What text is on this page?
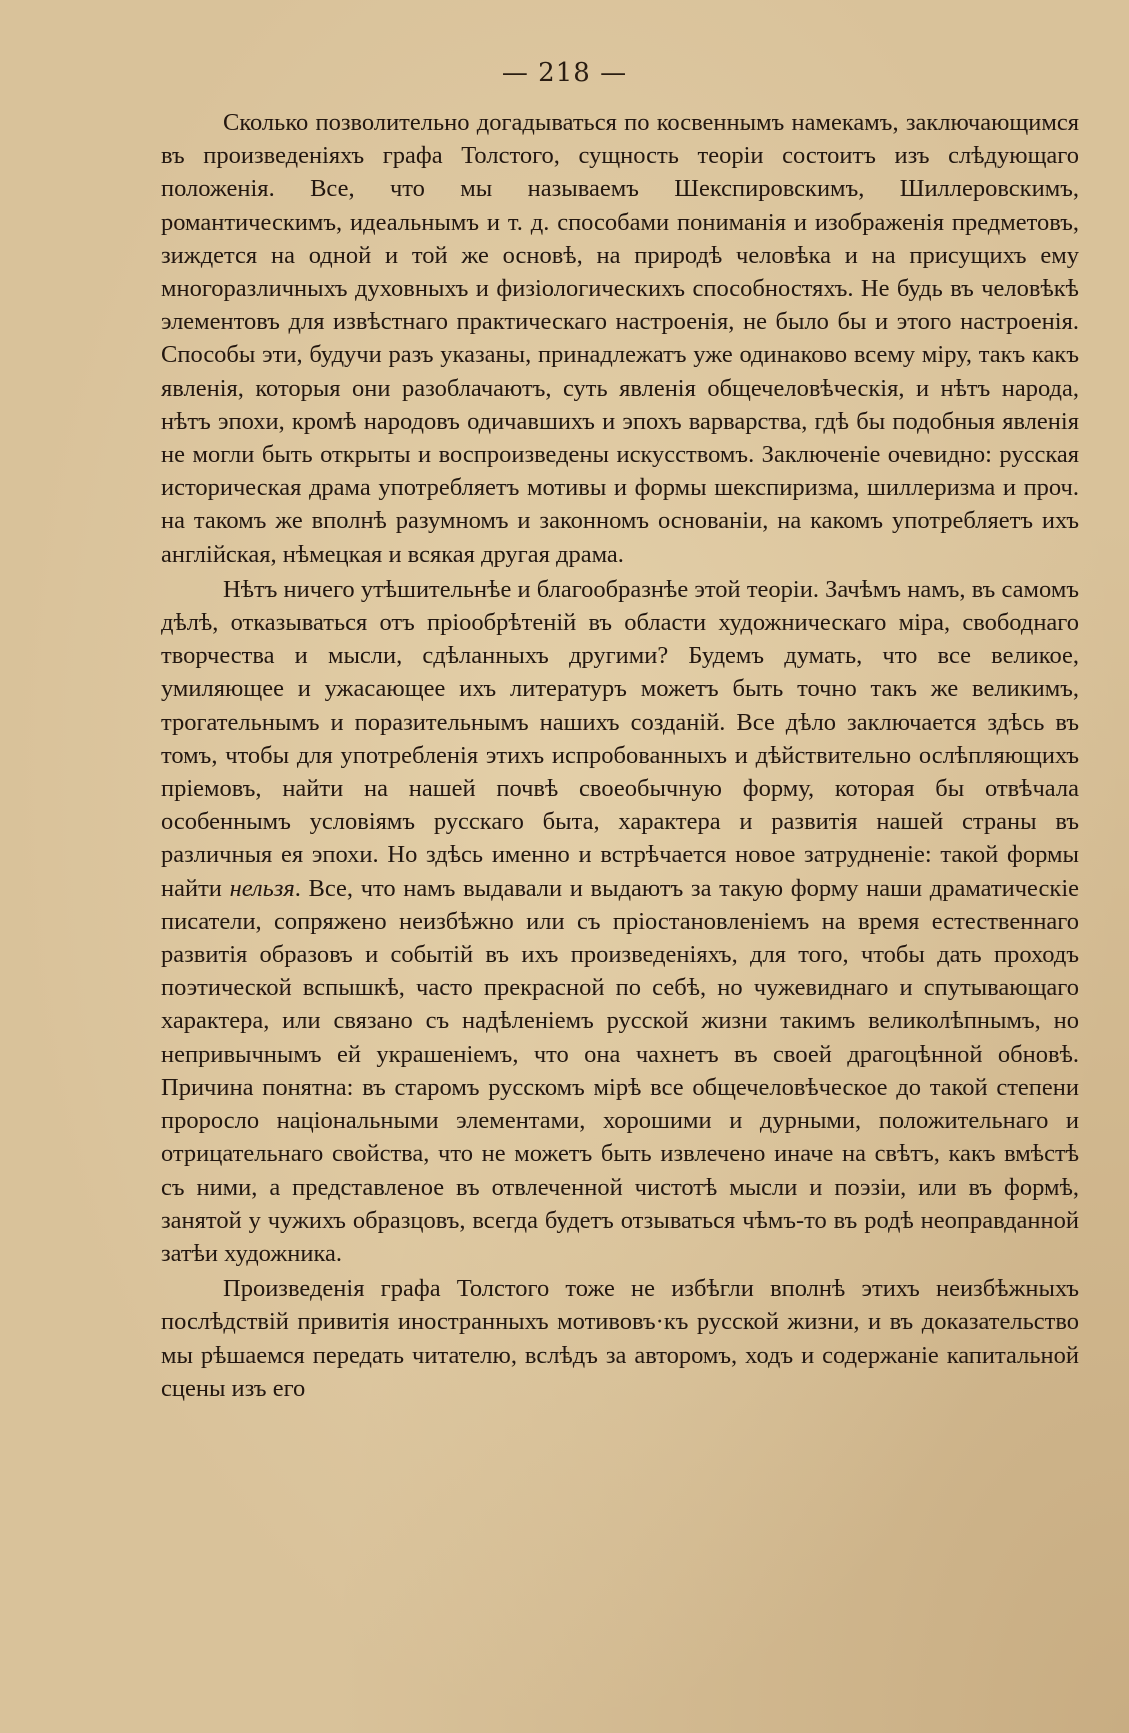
— 218 —

Сколько позволительно догадываться по косвеннымъ намекамъ, заключающимся въ произведеніяхъ графа Толстого, сущность теоріи состоитъ изъ слѣдующаго положенія. Все, что мы называемъ Шекспировскимъ, Шиллеровскимъ, романтическимъ, идеальнымъ и т. д. способами пониманія и изображенія предметовъ, зиждется на одной и той же основѣ, на природѣ человѣка и на присущихъ ему многоразличныхъ духовныхъ и физіологическихъ способностяхъ. Не будь въ человѣкѣ элементовъ для извѣстнаго практическаго настроенія, не было бы и этого настроенія. Способы эти, будучи разъ указаны, принадлежатъ уже одинаково всему міру, такъ какъ явленія, которыя они разоблачаютъ, суть явленія общечеловѣческія, и нѣтъ народа, нѣтъ эпохи, кромѣ народовъ одичавшихъ и эпохъ варварства, гдѣ бы подобныя явленія не могли быть открыты и воспроизведены искусствомъ. Заключеніе очевидно: русская историческая драма употребляетъ мотивы и формы шекспиризма, шиллеризма и проч. на такомъ же вполнѣ разумномъ и законномъ основаніи, на какомъ употребляетъ ихъ англійская, нѣмецкая и всякая другая драма.

Нѣтъ ничего утѣшительнѣе и благообразнѣе этой теоріи. Зачѣмъ намъ, въ самомъ дѣлѣ, отказываться отъ пріообрѣтеній въ области художническаго міра, свободнаго творчества и мысли, сдѣланныхъ другими? Будемъ думать, что все великое, умиляющее и ужасающее ихъ литературъ можетъ быть точно такъ же великимъ, трогательнымъ и поразительнымъ нашихъ созданій. Все дѣло заключается здѣсь въ томъ, чтобы для употребленія этихъ испробованныхъ и дѣйствительно ослѣпляющихъ пріемовъ, найти на нашей почвѣ своеобычную форму, которая бы отвѣчала особеннымъ условіямъ русскаго быта, характера и развитія нашей страны въ различныя ея эпохи. Но здѣсь именно и встрѣчается новое затрудненіе: такой формы найти нельзя. Все, что намъ выдавали и выдаютъ за такую форму наши драматическіе писатели, сопряжено неизбѣжно или съ пріостановленіемъ на время естественнаго развитія образовъ и событій въ ихъ произведеніяхъ, для того, чтобы дать проходъ поэтической вспышкѣ, часто прекрасной по себѣ, но чужевиднаго и спутывающаго характера, или связано съ надѣленіемъ русской жизни такимъ великолѣпнымъ, но непривычнымъ ей украшеніемъ, что она чахнетъ въ своей драгоцѣнной обновѣ. Причина понятна: въ старомъ русскомъ мірѣ все общечеловѣческое до такой степени проросло національными элементами, хорошими и дурными, положительнаго и отрицательнаго свойства, что не можетъ быть извлечено иначе на свѣтъ, какъ вмѣстѣ съ ними, а представленое въ отвлеченной чистотѣ мысли и поэзіи, или въ формѣ, занятой у чужихъ образцовъ, всегда будетъ отзываться чѣмъ-то въ родѣ неоправданной затѣи художника.

Произведенія графа Толстого тоже не избѣгли вполнѣ этихъ неизбѣжныхъ послѣдствій привитія иностранныхъ мотивовъ·къ русской жизни, и въ доказательство мы рѣшаемся передать читателю, вслѣдъ за авторомъ, ходъ и содержаніе капитальной сцены изъ его
